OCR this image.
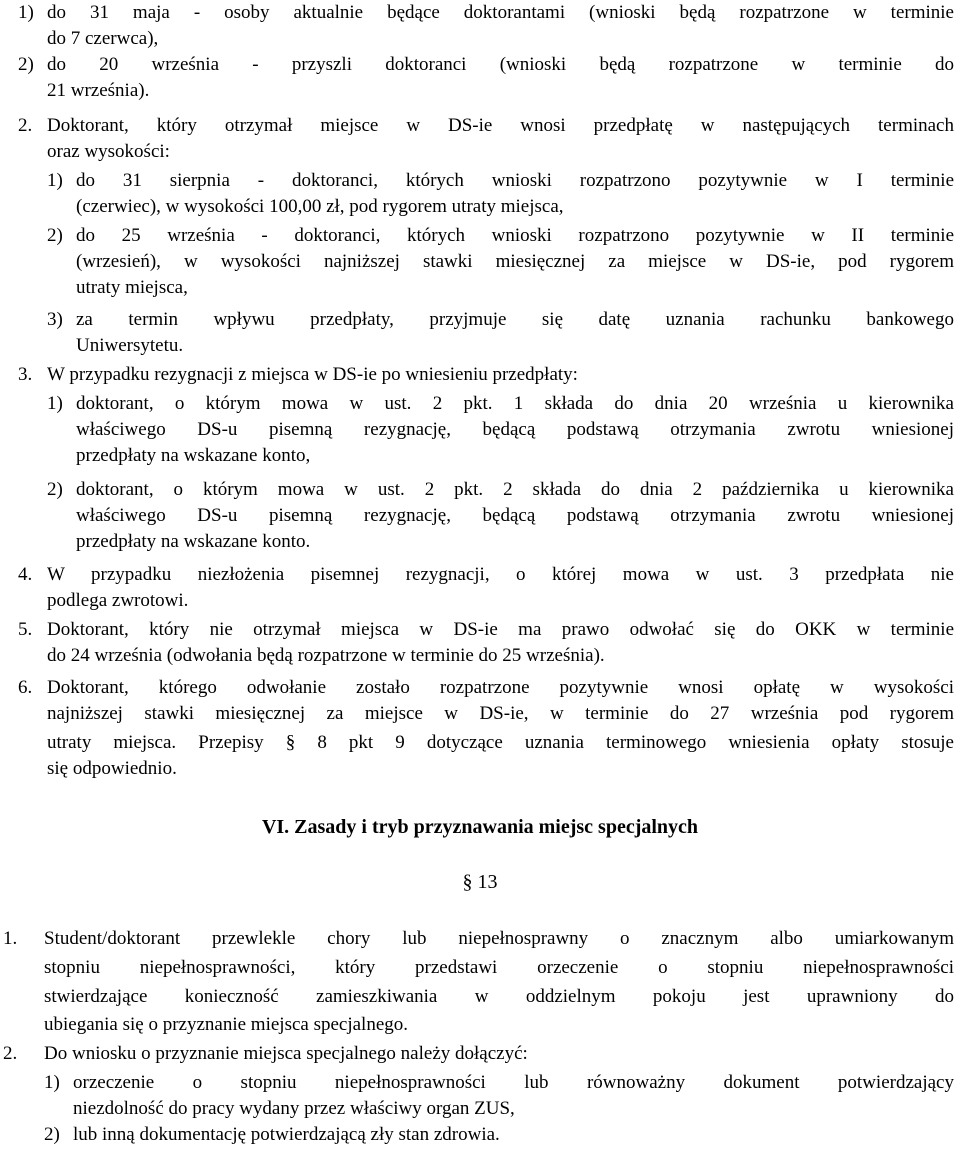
1) do 31 maja - osoby aktualnie będące doktorantami (wnioski będą rozpatrzone w terminie
do 7 czerwca),
2) do 20 września - przyszli doktoranci (wnioski będą rozpatrzone w terminie do
21 września).
2. Doktorant, który otrzymał miejsce w DS-ie wnosi przedpłatę w następujących terminach
oraz wysokości:
1) do 31 sierpnia - doktoranci, których wnioski rozpatrzono pozytywnie w I terminie
(czerwiec), w wysokości 100,00 zł, pod rygorem utraty miejsca,
2) do 25 września - doktoranci, których wnioski rozpatrzono pozytywnie w II terminie
(wrzesień), w wysokości najniższej stawki miesięcznej za miejsce w DS-ie, pod rygorem
utraty miejsca,
3) za termin wpływu przedpłaty, przyjmuje się datę uznania rachunku bankowego
Uniwersytetu.
3. W przypadku rezygnacji z miejsca w DS-ie po wniesieniu przedpłaty:
1) doktorant, o którym mowa w ust. 2 pkt. 1 składa do dnia 20 września u kierownika
właściwego DS-u pisemną rezygnację, będącą podstawą otrzymania zwrotu wniesionej
przedpłaty na wskazane konto,
2) doktorant, o którym mowa w ust. 2 pkt. 2 składa do dnia 2 października u kierownika
właściwego DS-u pisemną rezygnację, będącą podstawą otrzymania zwrotu wniesionej
przedpłaty na wskazane konto.
4. W przypadku niezłożenia pisemnej rezygnacji, o której mowa w ust. 3 przedpłata nie
podlega zwrotowi.
5. Doktorant, który nie otrzymał miejsca w DS-ie ma prawo odwołać się do OKK w terminie
do 24 września (odwołania będą rozpatrzone w terminie do 25 września).
6. Doktorant, którego odwołanie zostało rozpatrzone pozytywnie wnosi opłatę w wysokości
najniższej stawki miesięcznej za miejsce w DS-ie, w terminie do 27 września pod rygorem
utraty miejsca. Przepisy § 8 pkt 9 dotyczące uznania terminowego wniesienia opłaty stosuje
się odpowiednio.
VI. Zasady i tryb przyznawania miejsc specjalnych
§ 13
1. Student/doktorant przewlekle chory lub niepełnosprawny o znacznym albo umiarkowanym
stopniu niepełnosprawności, który przedstawi orzeczenie o stopniu niepełnosprawności
stwierdzające konieczność zamieszkiwania w oddzielnym pokoju jest uprawniony do
ubiegania się o przyznanie miejsca specjalnego.
2. Do wniosku o przyznanie miejsca specjalnego należy dołączyć:
1) orzeczenie o stopniu niepełnosprawności lub równoważny dokument potwierdzający
niezdolność do pracy wydany przez właściwy organ ZUS,
2) lub inną dokumentację potwierdzającą zły stan zdrowia.
